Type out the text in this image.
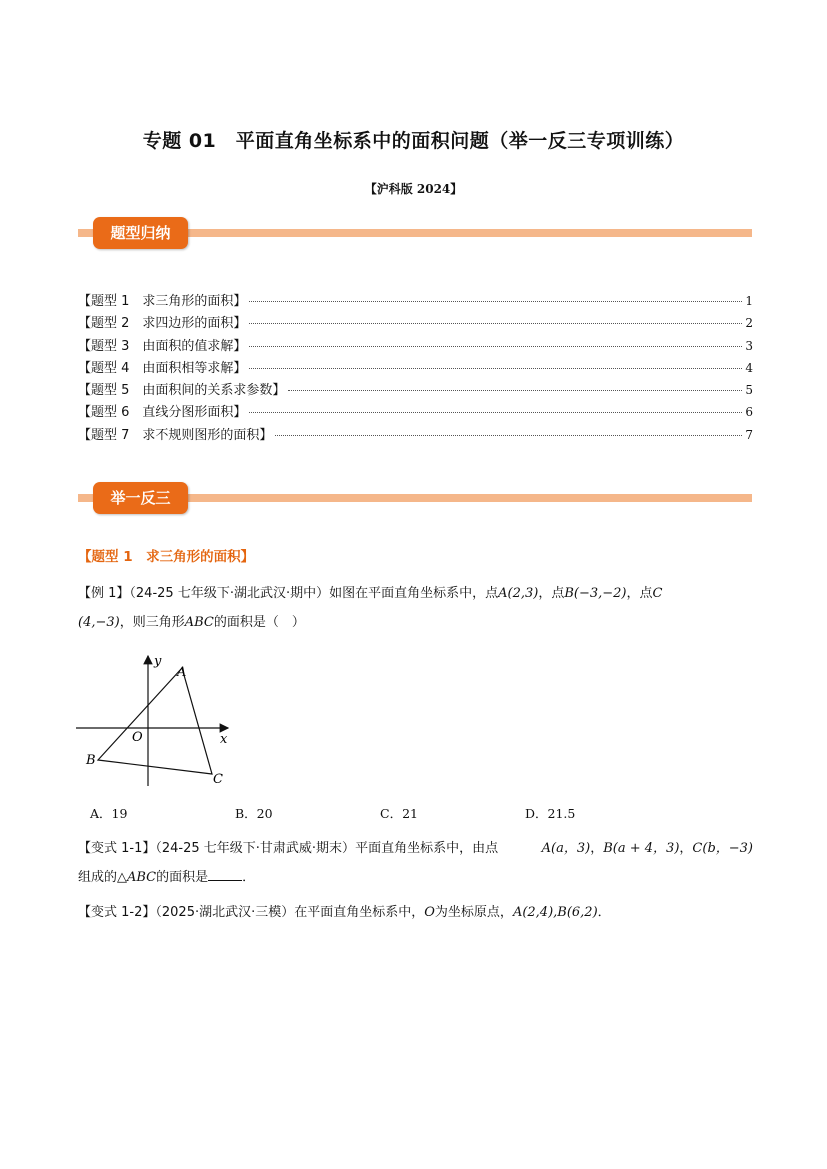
专题 01　平面直角坐标系中的面积问题（举一反三专项训练）
【沪科版 2024】
题型归纳
【题型 1　求三角形的面积】	1
【题型 2　求四边形的面积】	2
【题型 3　由面积的值求解】	3
【题型 4　由面积相等求解】	4
【题型 5　由面积间的关系求参数】	5
【题型 6　直线分图形面积】	6
【题型 7　求不规则图形的面积】	7
举一反三
【题型 1　求三角形的面积】
【例 1】（24-25 七年级下·湖北武汉·期中）如图在平面直角坐标系中，点A(2,3)，点B(−3,−2)，点C
(4,−3)，则三角形ABC的面积是（　）
A
B
C
O	x
y
A．19	B．20	C．21	D．21.5
【变式 1-1】（24-25 七年级下·甘肃武威·期末）平面直角坐标系中，由点	A(a，3)，B(a + 4，3)，C(b，−3)
组成的△ABC的面积是	．
【变式 1-2】（2025·湖北武汉·三模）在平面直角坐标系中，O为坐标原点，A(2,4),B(6,2)．
